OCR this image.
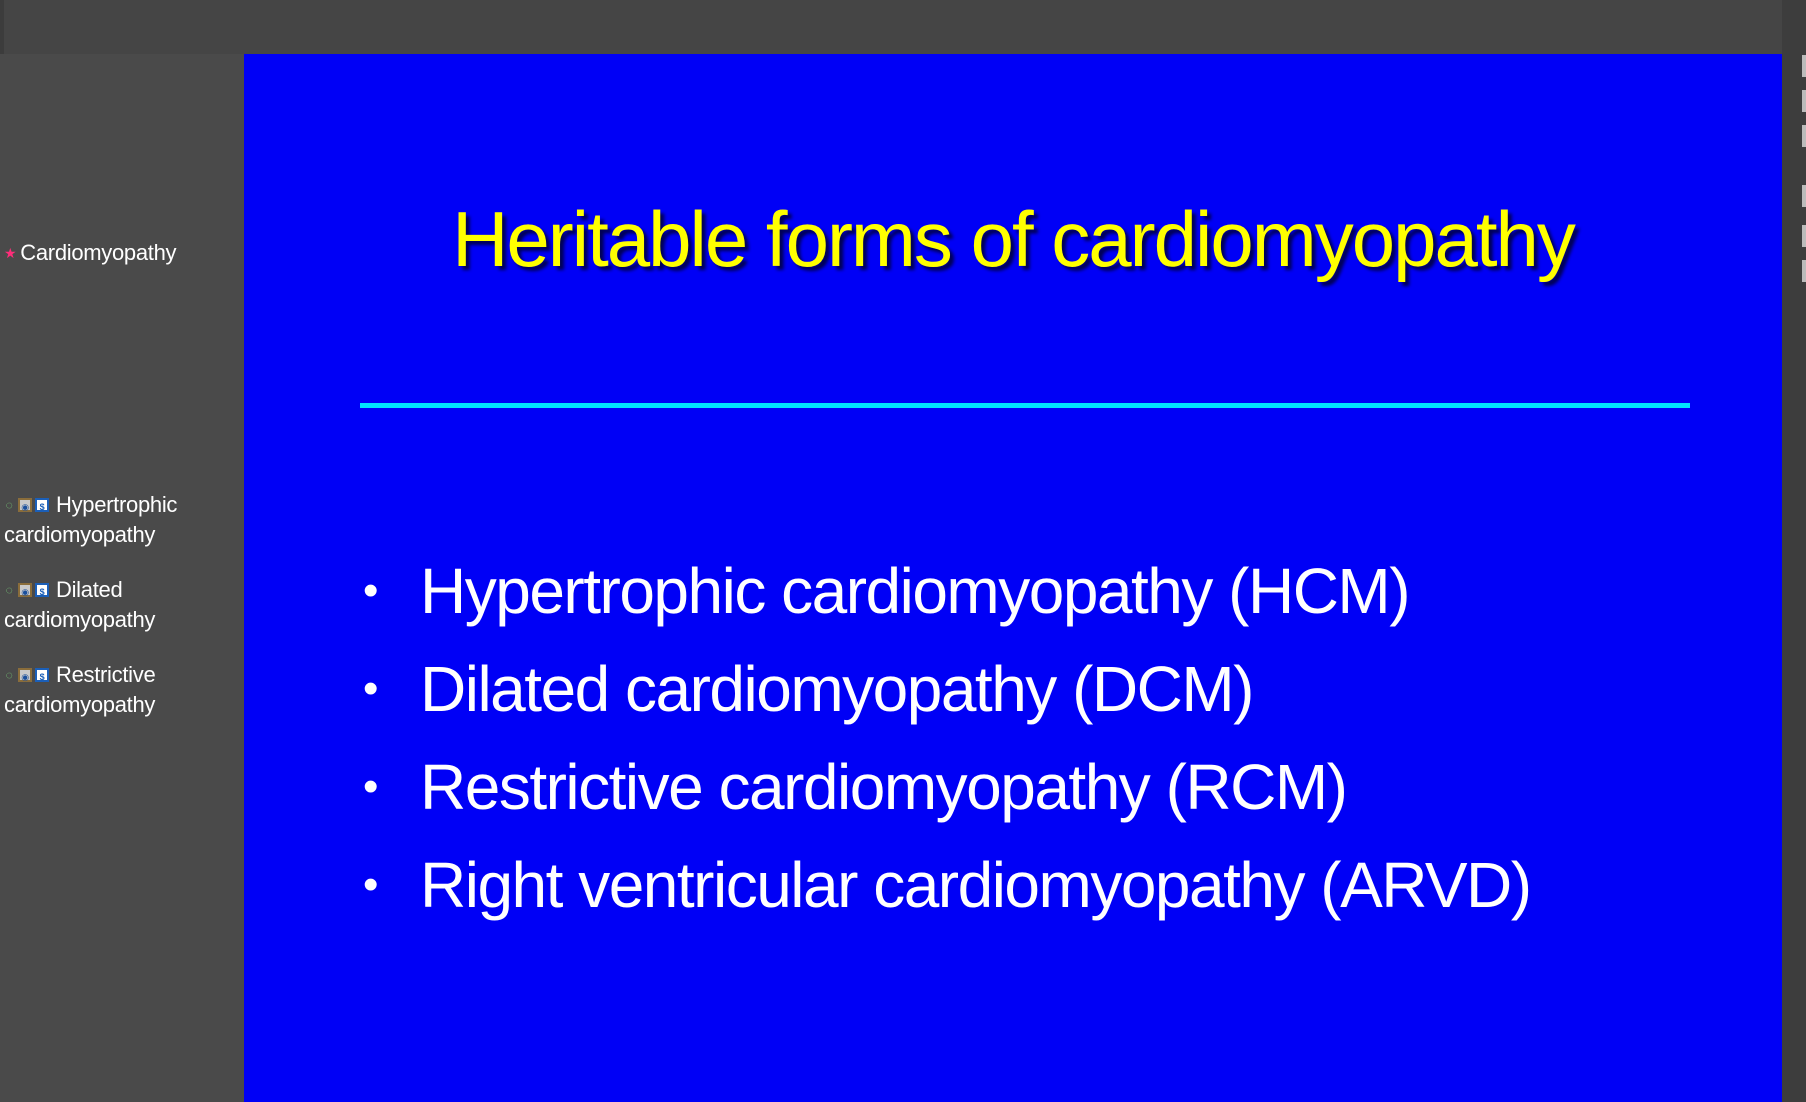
★ Cardiomyopathy
◌ ◉	$ Hypertrophic
cardiomyopathy
◌ ◉	$ Dilated
cardiomyopathy
◌ ◉	$ Restrictive
cardiomyopathy
Heritable forms of cardiomyopathy
• Hypertrophic cardiomyopathy (HCM)
• Dilated cardiomyopathy (DCM)
• Restrictive cardiomyopathy (RCM)
• Right ventricular cardiomyopathy (ARVD)
